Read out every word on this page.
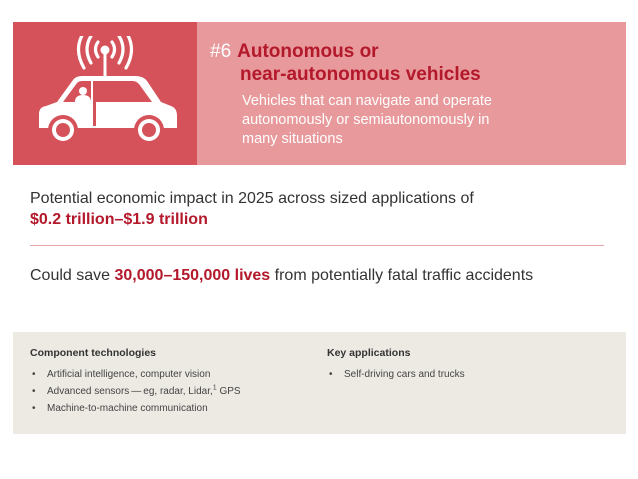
#6 Autonomous or

near-autonomous vehicles

Vehicles that can navigate and operate
autonomously or semiautonomously in
many situations

Potential economic impact in 2025 across sized applications of
$0.2 trillion–$1.9 trillion
Could save 30,000–150,000 lives from potentially fatal traffic accidents

Component technologies

• Artificial intelligence, computer vision
• Advanced sensors — eg, radar, Lidar,$^1$ GPS
• Machine-to-machine communication

Key applications

• Self-driving cars and trucks
